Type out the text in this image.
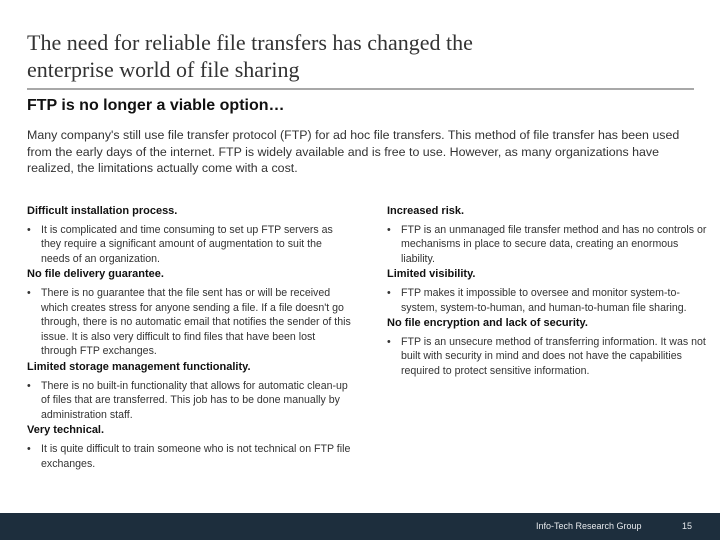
The need for reliable file transfers has changed the
enterprise world of file sharing
FTP is no longer a viable option…

Many company's still use file transfer protocol (FTP) for ad hoc file transfers. This method of file transfer has been used from the early days of the internet. FTP is widely available and is free to use. However, as many organizations have realized, the limitations actually come with a cost.

Difficult installation process.

• It is complicated and time consuming to set up FTP servers as they require a significant amount of augmentation to suit the needs of an organization.

No file delivery guarantee.

• There is no guarantee that the file sent has or will be received which creates stress for anyone sending a file. If a file doesn't go through, there is no automatic email that notifies the sender of this issue. It is also very difficult to find files that have been lost through FTP exchanges.

Limited storage management functionality.

• There is no built-in functionality that allows for automatic clean-up of files that are transferred. This job has to be done manually by administration staff.

Very technical.

• It is quite difficult to train someone who is not technical on FTP file exchanges.

Increased risk.

• FTP is an unmanaged file transfer method and has no controls or mechanisms in place to secure data, creating an enormous liability.

Limited visibility.

• FTP makes it impossible to oversee and monitor system-to-system, system-to-human, and human-to-human file sharing.

No file encryption and lack of security.

• FTP is an unsecure method of transferring information. It was not built with security in mind and does not have the capabilities required to protect sensitive information.
Info-Tech Research Group	15
